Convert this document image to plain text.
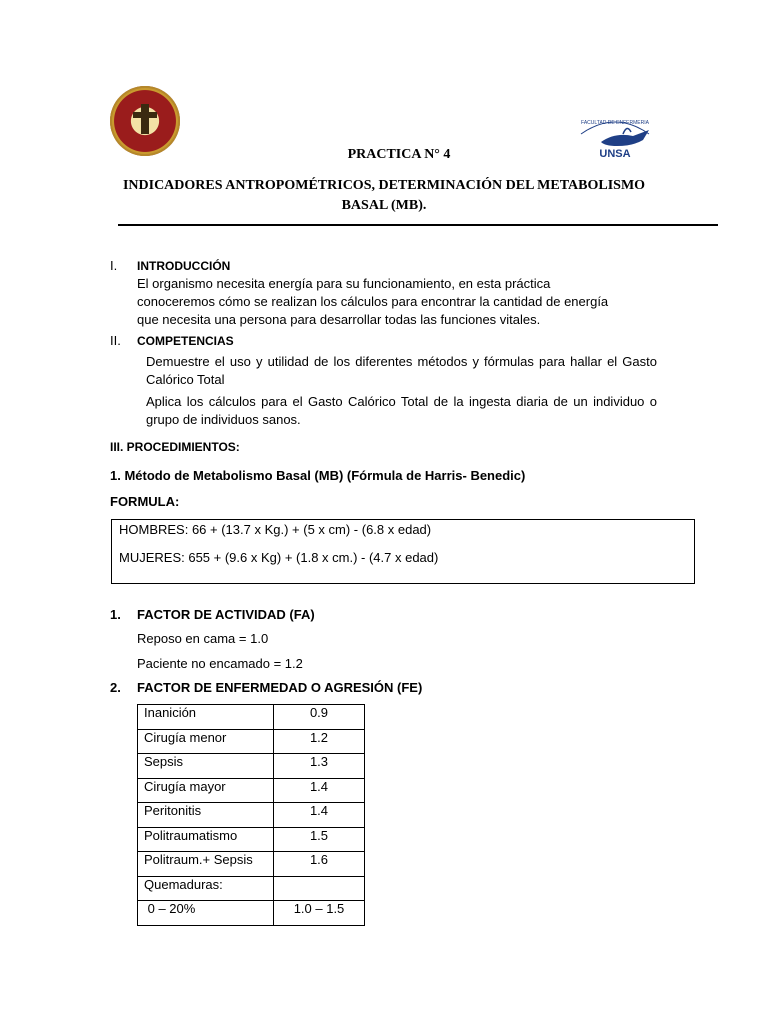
FACULTAD DE ENFERMERIA
UNSA
PRACTICA N° 4
INDICADORES ANTROPOMÉTRICOS, DETERMINACIÓN DEL METABOLISMO BASAL (MB).
I. INTRODUCCIÓN
El organismo necesita energía para su funcionamiento, en esta práctica
conoceremos cómo se realizan los cálculos para encontrar la cantidad de energía
que necesita una persona para desarrollar todas las funciones vitales.
II. COMPETENCIAS
Demuestre el uso y utilidad de los diferentes métodos y fórmulas para hallar el Gasto Calórico Total
Aplica los cálculos para el Gasto Calórico Total de la ingesta diaria de un individuo o grupo de individuos sanos.
III. PROCEDIMIENTOS:
1. Método de Metabolismo Basal (MB) (Fórmula de Harris- Benedic)
FORMULA:
HOMBRES: 66 + (13.7 x Kg.) + (5 x cm) - (6.8 x edad)
MUJERES: 655 + (9.6 x Kg) + (1.8 x cm.) - (4.7 x edad)
1. FACTOR DE ACTIVIDAD (FA)
Reposo en cama = 1.0
Paciente no encamado = 1.2
2. FACTOR DE ENFERMEDAD O AGRESIÓN (FE)
Inanición	0.9
Cirugía menor	1.2
Sepsis	1.3
Cirugía mayor	1.4
Peritonitis	1.4
Politraumatismo	1.5
Politraum.+ Sepsis	1.6
Quemaduras:	
0 – 20%	1.0 – 1.5
